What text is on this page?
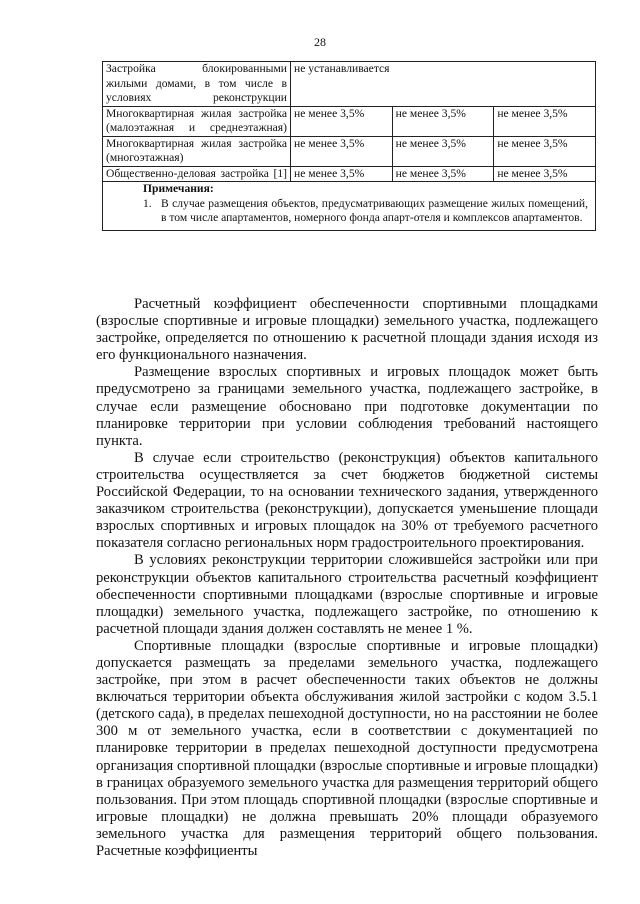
28
Застройка блокированными жилыми домами, в том числе в условиях реконструкции	не устанавливается		
Многоквартирная жилая застройка (малоэтажная и среднеэтажная)	не менее 3,5%	не менее 3,5%	не менее 3,5%
Многоквартирная жилая застройка (многоэтажная)	не менее 3,5%	не менее 3,5%	не менее 3,5%
Общественно-деловая застройка [1]	не менее 3,5%	не менее 3,5%	не менее 3,5%

Примечания:
1. В случае размещения объектов, предусматривающих размещение жилых помещений, в том числе апартаментов, номерного фонда апарт-отеля и комплексов апартаментов.			

Расчетный коэффициент обеспеченности спортивными площадками (взрослые спортивные и игровые площадки) земельного участка, подлежащего застройке, определяется по отношению к расчетной площади здания исходя из его функционального назначения.

Размещение взрослых спортивных и игровых площадок может быть предусмотрено за границами земельного участка, подлежащего застройке, в случае если размещение обосновано при подготовке документации по планировке территории при условии соблюдения требований настоящего пункта.

В случае если строительство (реконструкция) объектов капитального строительства осуществляется за счет бюджетов бюджетной системы Российской Федерации, то на основании технического задания, утвержденного заказчиком строительства (реконструкции), допускается уменьшение площади взрослых спортивных и игровых площадок на 30% от требуемого расчетного показателя согласно региональных норм градостроительного проектирования.

В условиях реконструкции территории сложившейся застройки или при реконструкции объектов капитального строительства расчетный коэффициент обеспеченности спортивными площадками (взрослые спортивные и игровые площадки) земельного участка, подлежащего застройке, по отношению к расчетной площади здания должен составлять не менее 1 %.

Спортивные площадки (взрослые спортивные и игровые площадки) допускается размещать за пределами земельного участка, подлежащего застройке, при этом в расчет обеспеченности таких объектов не должны включаться территории объекта обслуживания жилой застройки с кодом 3.5.1 (детского сада), в пределах пешеходной доступности, но на расстоянии не более 300 м от земельного участка, если в соответствии с документацией по планировке территории в пределах пешеходной доступности предусмотрена организация спортивной площадки (взрослые спортивные и игровые площадки) в границах образуемого земельного участка для размещения территорий общего пользования. При этом площадь спортивной площадки (взрослые спортивные и игровые площадки) не должна превышать 20% площади образуемого земельного участка для размещения территорий общего пользования. Расчетные коэффициенты
